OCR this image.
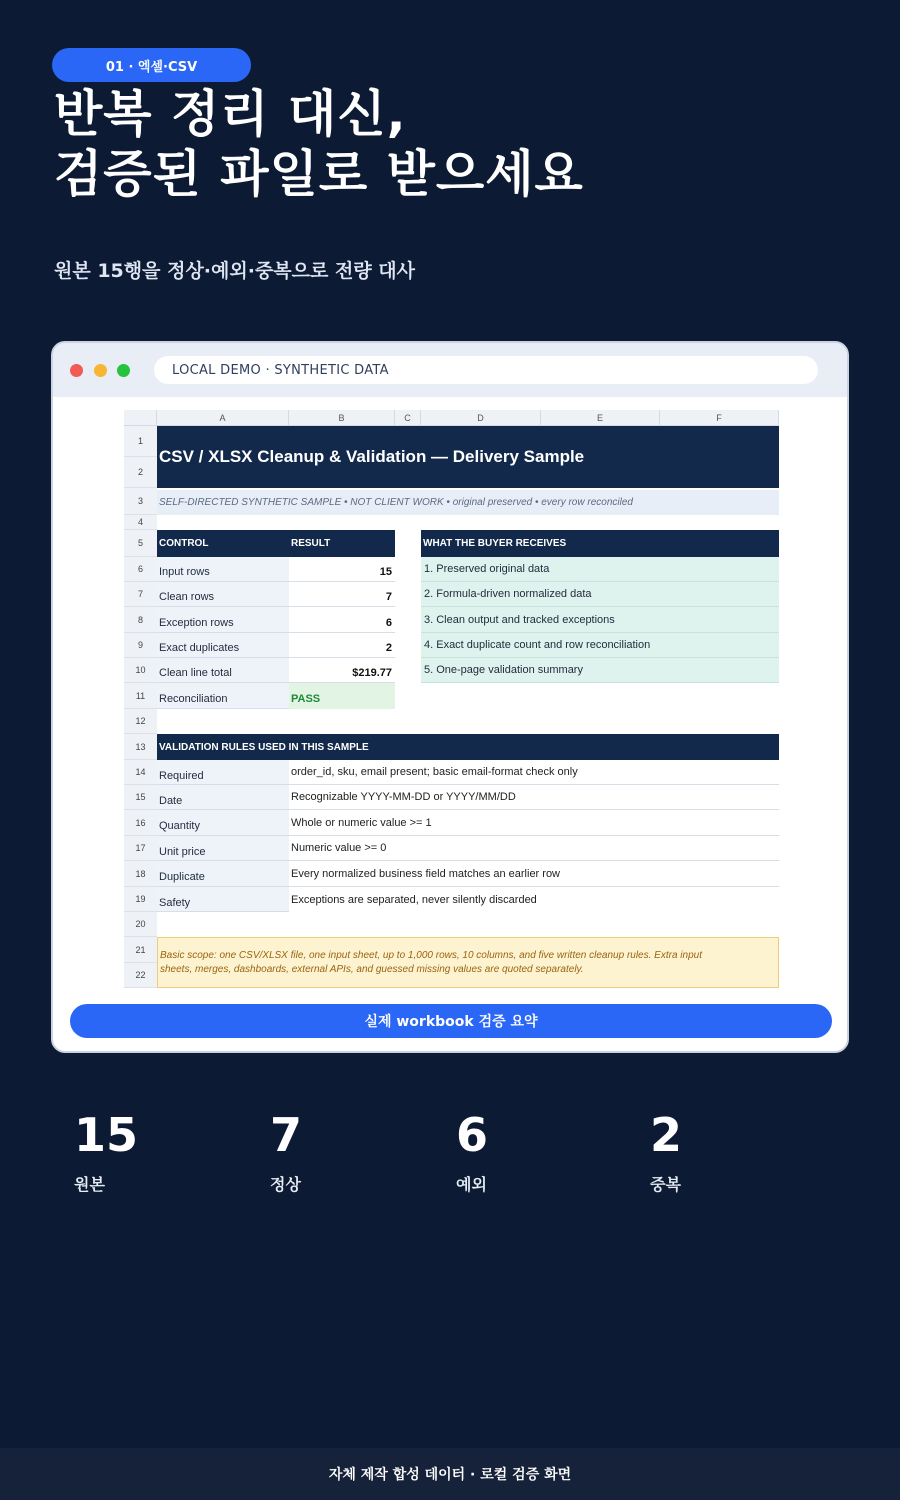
01 · 엑셀·CSV
반복 정리 대신,
검증된 파일로 받으세요
원본 15행을 정상·예외·중복으로 전량 대사
LOCAL DEMO · SYNTHETIC DATA
A	B	C	D	E	F
1
2
3
4
5
6
7
8
9
10
11
12
13
14
15
16
17
18
19
20
21
22
CSV / XLSX Cleanup & Validation — Delivery Sample
SELF-DIRECTED SYNTHETIC SAMPLE • NOT CLIENT WORK • original preserved • every row reconciled
CONTROL	RESULT
Input rows	15
Clean rows	7
Exception rows	6
Exact duplicates	2
Clean line total	$219.77
Reconciliation	PASS
WHAT THE BUYER RECEIVES
1. Preserved original data
2. Formula-driven normalized data
3. Clean output and tracked exceptions
4. Exact duplicate count and row reconciliation
5. One-page validation summary
VALIDATION RULES USED IN THIS SAMPLE
Required	order_id, sku, email present; basic email-format check only
Date	Recognizable YYYY-MM-DD or YYYY/MM/DD
Quantity	Whole or numeric value >= 1
Unit price	Numeric value >= 0
Duplicate	Every normalized business field matches an earlier row
Safety	Exceptions are separated, never silently discarded
Basic scope: one CSV/XLSX file, one input sheet, up to 1,000 rows, 10 columns, and five written cleanup rules. Extra input
sheets, merges, dashboards, external APIs, and guessed missing values are quoted separately.
실제 workbook 검증 요약
15
원본
7
정상
6
예외
2
중복
자체 제작 합성 데이터 · 로컬 검증 화면
